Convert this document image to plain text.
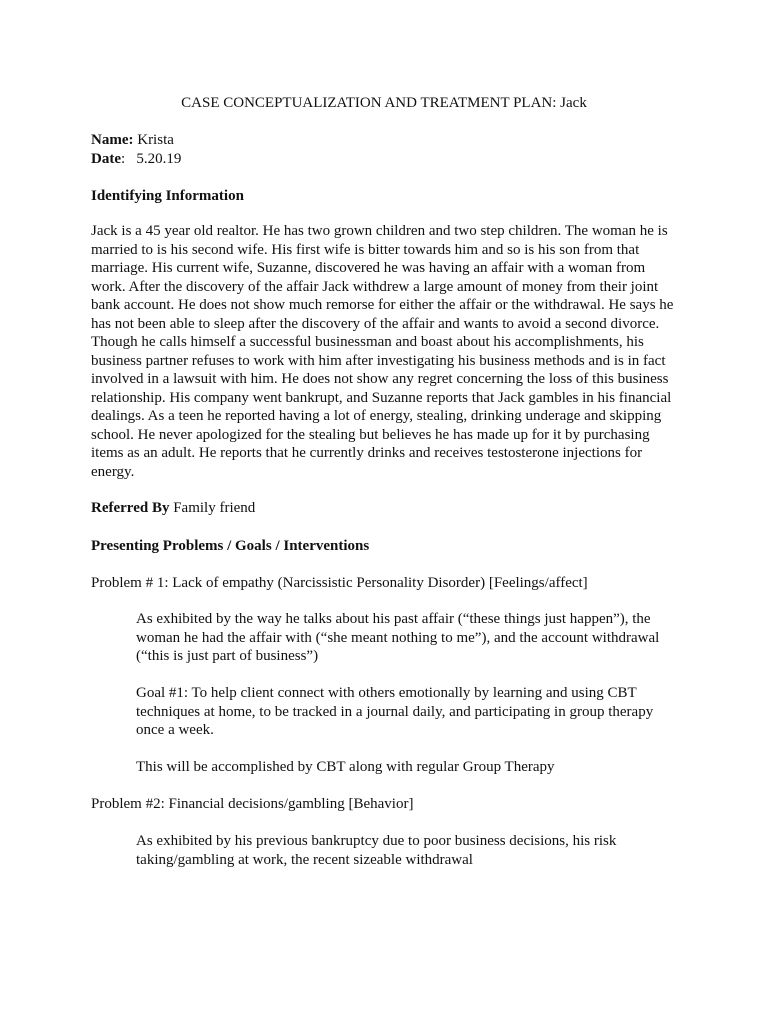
CASE CONCEPTUALIZATION AND TREATMENT PLAN: Jack
Name: Krista
Date:   5.20.19
Identifying Information
Jack is a 45 year old realtor. He has two grown children and two step children. The woman he is
married to is his second wife. His first wife is bitter towards him and so is his son from that
marriage. His current wife, Suzanne, discovered he was having an affair with a woman from
work. After the discovery of the affair Jack withdrew a large amount of money from their joint
bank account. He does not show much remorse for either the affair or the withdrawal. He says he
has not been able to sleep after the discovery of the affair and wants to avoid a second divorce.
Though he calls himself a successful businessman and boast about his accomplishments, his
business partner refuses to work with him after investigating his business methods and is in fact
involved in a lawsuit with him. He does not show any regret concerning the loss of this business
relationship. His company went bankrupt, and Suzanne reports that Jack gambles in his financial
dealings. As a teen he reported having a lot of energy, stealing, drinking underage and skipping
school. He never apologized for the stealing but believes he has made up for it by purchasing
items as an adult. He reports that he currently drinks and receives testosterone injections for
energy.
Referred By Family friend
Presenting Problems / Goals / Interventions
Problem # 1: Lack of empathy (Narcissistic Personality Disorder) [Feelings/affect]
As exhibited by the way he talks about his past affair (“these things just happen”), the
woman he had the affair with (“she meant nothing to me”), and the account withdrawal
(“this is just part of business”)
Goal #1: To help client connect with others emotionally by learning and using CBT
techniques at home, to be tracked in a journal daily, and participating in group therapy
once a week.
This will be accomplished by CBT along with regular Group Therapy
Problem #2: Financial decisions/gambling [Behavior]
As exhibited by his previous bankruptcy due to poor business decisions, his risk
taking/gambling at work, the recent sizeable withdrawal
